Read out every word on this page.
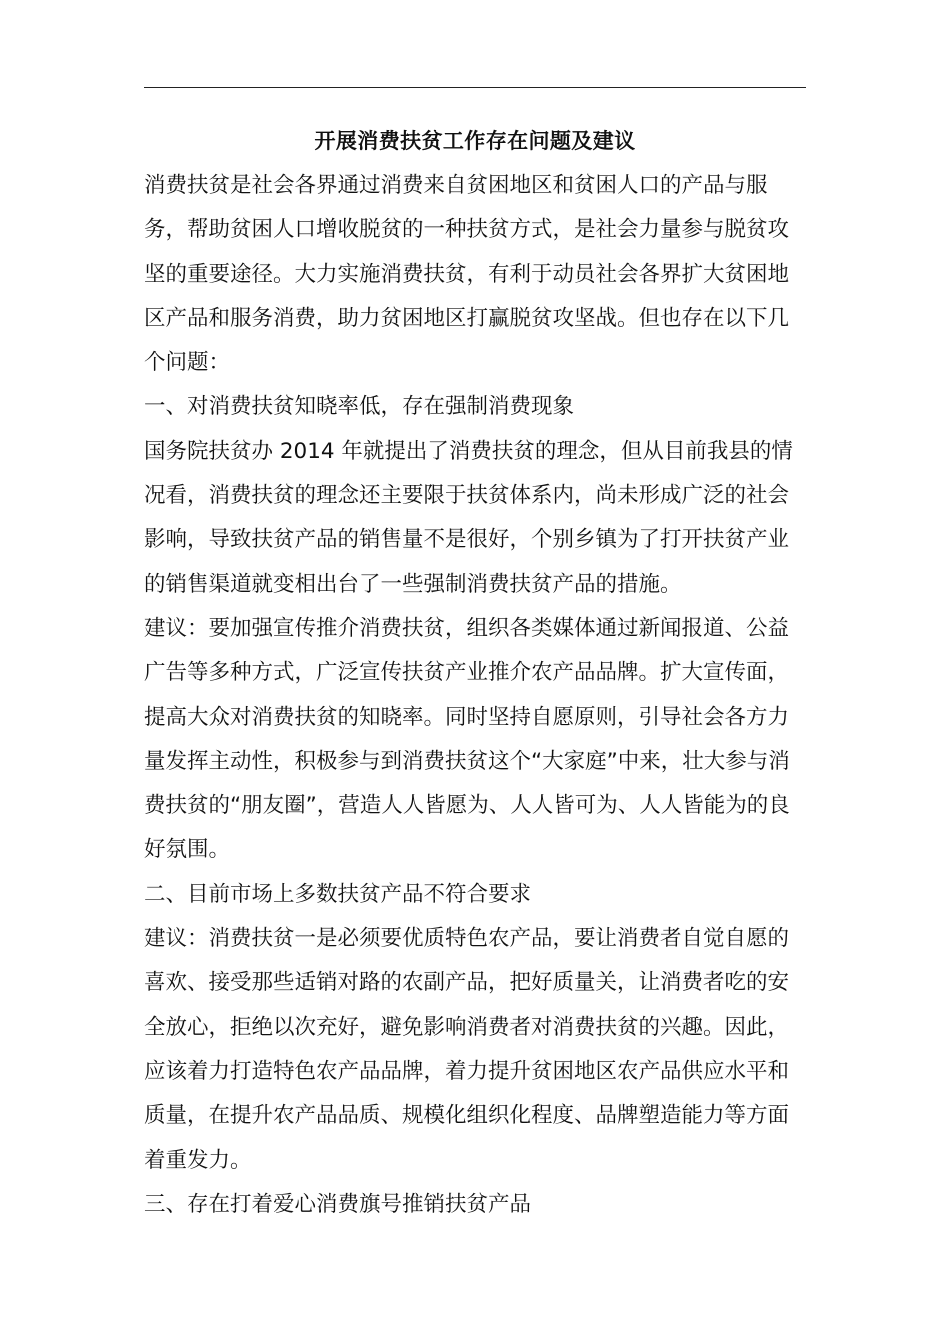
开展消费扶贫工作存在问题及建议

消费扶贫是社会各界通过消费来自贫困地区和贫困人口的产品与服务，帮助贫困人口增收脱贫的一种扶贫方式，是社会力量参与脱贫攻坚的重要途径。大力实施消费扶贫，有利于动员社会各界扩大贫困地区产品和服务消费，助力贫困地区打赢脱贫攻坚战。但也存在以下几个问题：

一、对消费扶贫知晓率低，存在强制消费现象

国务院扶贫办 2014 年就提出了消费扶贫的理念，但从目前我县的情况看，消费扶贫的理念还主要限于扶贫体系内，尚未形成广泛的社会影响，导致扶贫产品的销售量不是很好，个别乡镇为了打开扶贫产业的销售渠道就变相出台了一些强制消费扶贫产品的措施。

建议：要加强宣传推介消费扶贫，组织各类媒体通过新闻报道、公益广告等多种方式，广泛宣传扶贫产业推介农产品品牌。扩大宣传面，提高大众对消费扶贫的知晓率。同时坚持自愿原则，引导社会各方力量发挥主动性，积极参与到消费扶贫这个“大家庭”中来，壮大参与消费扶贫的“朋友圈”，营造人人皆愿为、人人皆可为、人人皆能为的良好氛围。

二、目前市场上多数扶贫产品不符合要求

建议：消费扶贫一是必须要优质特色农产品，要让消费者自觉自愿的喜欢、接受那些适销对路的农副产品，把好质量关，让消费者吃的安全放心，拒绝以次充好，避免影响消费者对消费扶贫的兴趣。因此，应该着力打造特色农产品品牌，着力提升贫困地区农产品供应水平和质量，在提升农产品品质、规模化组织化程度、品牌塑造能力等方面着重发力。

三、存在打着爱心消费旗号推销扶贫产品
